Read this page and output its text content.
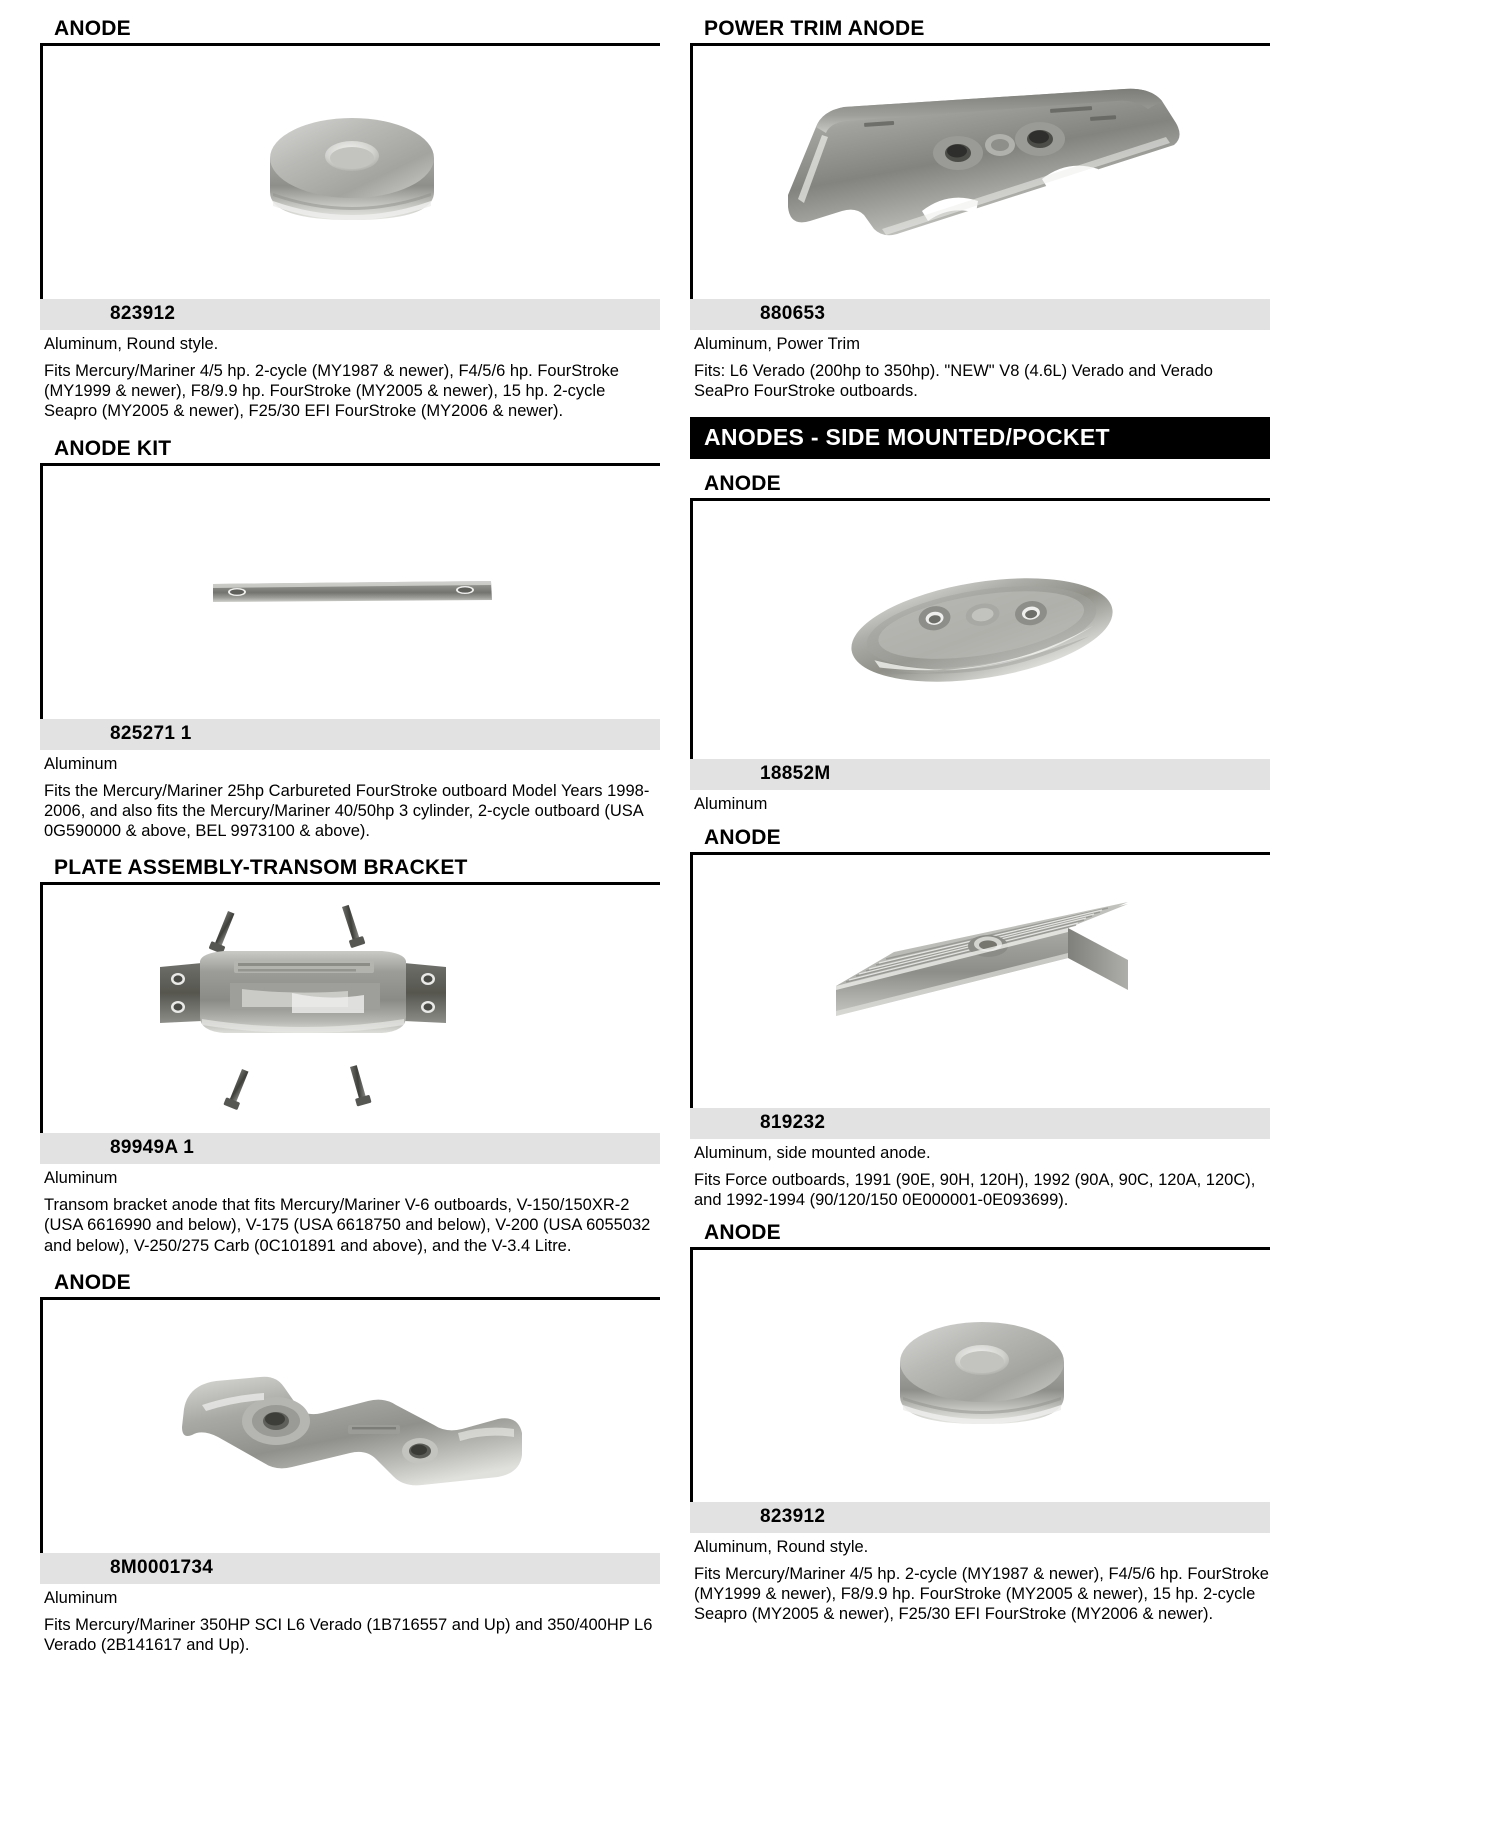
ANODE
823912
Aluminum, Round style.
Fits Mercury/Mariner 4/5 hp. 2-cycle (MY1987 & newer), F4/5/6 hp. FourStroke (MY1999 & newer), F8/9.9 hp. FourStroke (MY2005 & newer), 15 hp. 2-cycle Seapro (MY2005 & newer), F25/30 EFI FourStroke (MY2006 & newer).
ANODE KIT
825271 1
Aluminum
Fits the Mercury/Mariner 25hp Carbureted FourStroke outboard Model Years 1998-2006, and also fits the Mercury/Mariner 40/50hp 3 cylinder, 2-cycle outboard (USA 0G590000 & above, BEL 9973100 & above).
PLATE ASSEMBLY-TRANSOM BRACKET
89949A 1
Aluminum
Transom bracket anode that fits Mercury/Mariner V-6 outboards, V-150/150XR-2 (USA 6616990 and below), V-175 (USA 6618750 and below), V-200 (USA 6055032 and below), V-250/275 Carb (0C101891 and above), and the V-3.4 Litre.
ANODE
8M0001734
Aluminum
Fits Mercury/Mariner 350HP SCI L6 Verado (1B716557 and Up) and 350/400HP L6 Verado (2B141617 and Up).
POWER TRIM ANODE
880653
Aluminum, Power Trim
Fits: L6 Verado (200hp to 350hp). "NEW" V8 (4.6L) Verado and Verado SeaPro FourStroke outboards.
ANODES - SIDE MOUNTED/POCKET
ANODE
18852M
Aluminum
ANODE
819232
Aluminum, side mounted anode.
Fits Force outboards, 1991 (90E, 90H, 120H), 1992 (90A, 90C, 120A, 120C), and 1992-1994 (90/120/150 0E000001-0E093699).
ANODE
823912
Aluminum, Round style.
Fits Mercury/Mariner 4/5 hp. 2-cycle (MY1987 & newer), F4/5/6 hp. FourStroke (MY1999 & newer), F8/9.9 hp. FourStroke (MY2005 & newer), 15 hp. 2-cycle Seapro (MY2005 & newer), F25/30 EFI FourStroke (MY2006 & newer).
